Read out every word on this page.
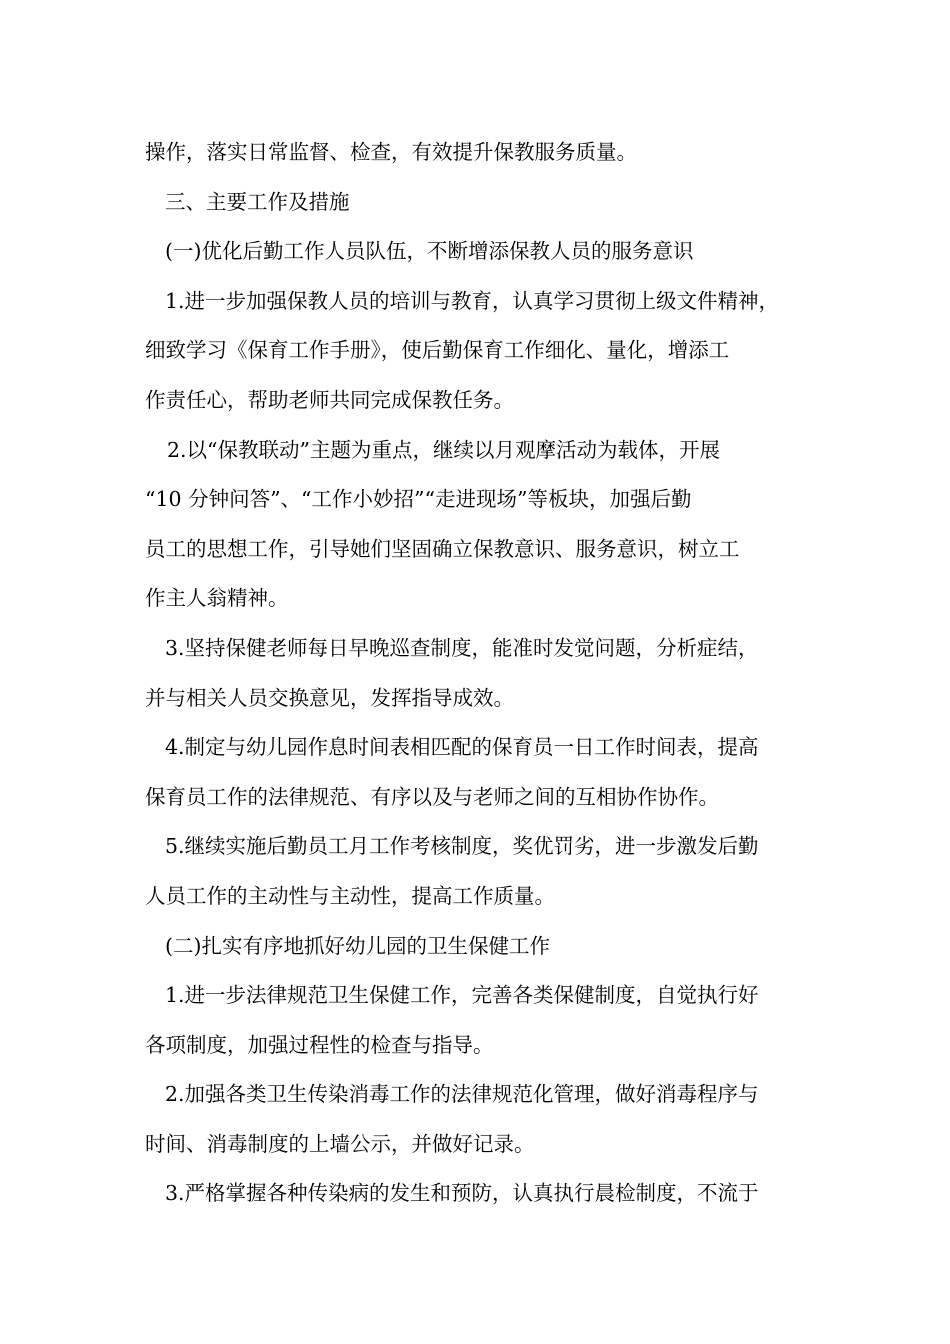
操作，落实日常监督、检查，有效提升保教服务质量。
三、主要工作及措施
(一)优化后勤工作人员队伍，不断增添保教人员的服务意识
1.进一步加强保教人员的培训与教育，认真学习贯彻上级文件精神，
细致学习《保育工作手册》，使后勤保育工作细化、量化，增添工
作责任心，帮助老师共同完成保教任务。
2.以“保教联动”主题为重点，继续以月观摩活动为载体，开展
“10 分钟问答”、“工作小妙招”“走进现场”等板块，加强后勤
员工的思想工作，引导她们坚固确立保教意识、服务意识，树立工
作主人翁精神。
3.坚持保健老师每日早晚巡查制度，能准时发觉问题，分析症结，
并与相关人员交换意见，发挥指导成效。
4.制定与幼儿园作息时间表相匹配的保育员一日工作时间表，提高
保育员工作的法律规范、有序以及与老师之间的互相协作协作。
5.继续实施后勤员工月工作考核制度，奖优罚劣，进一步激发后勤
人员工作的主动性与主动性，提高工作质量。
(二)扎实有序地抓好幼儿园的卫生保健工作
1.进一步法律规范卫生保健工作，完善各类保健制度，自觉执行好
各项制度，加强过程性的检查与指导。
2.加强各类卫生传染消毒工作的法律规范化管理，做好消毒程序与
时间、消毒制度的上墙公示，并做好记录。
3.严格掌握各种传染病的发生和预防，认真执行晨检制度，不流于
